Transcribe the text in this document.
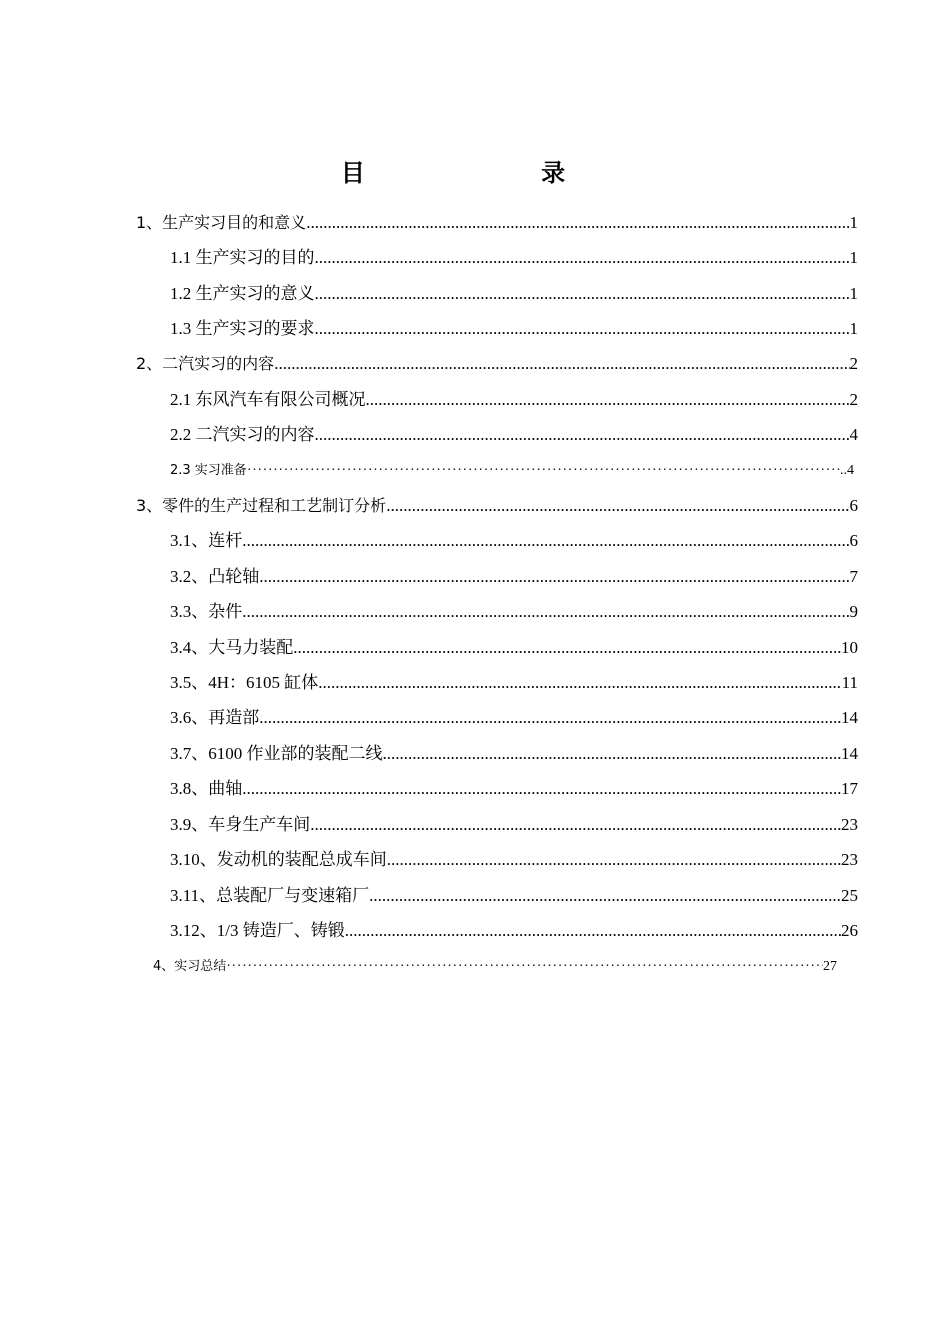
目 录
1、生产实习目的和意义 .....	1
1.1 生产实习的目的 .....	1
1.2 生产实习的意义 .....	1
1.3 生产实习的要求 .....	1
2、二汽实习的内容 .....	2
2.1 东风汽车有限公司概况 .....	2
2.2 二汽实习的内容 .....	4
2.3 实习准备 ·····	..4
3、零件的生产过程和工艺制订分析 .....	6
3.1、连杆 .....	6
3.2、凸轮轴 .....	7
3.3、杂件 .....	9
3.4、大马力装配 .....	10
3.5、4H：6105 缸体 .....	11
3.6、再造部 .....	14
3.7、6100 作业部的装配二线 .....	14
3.8、曲轴 .....	17
3.9、车身生产车间 .....	23
3.10、发动机的装配总成车间 .....	23
3.11、总装配厂与变速箱厂 .....	25
3.12、1/3 铸造厂、铸锻 .....	26
4、实习总结 ·····	27
